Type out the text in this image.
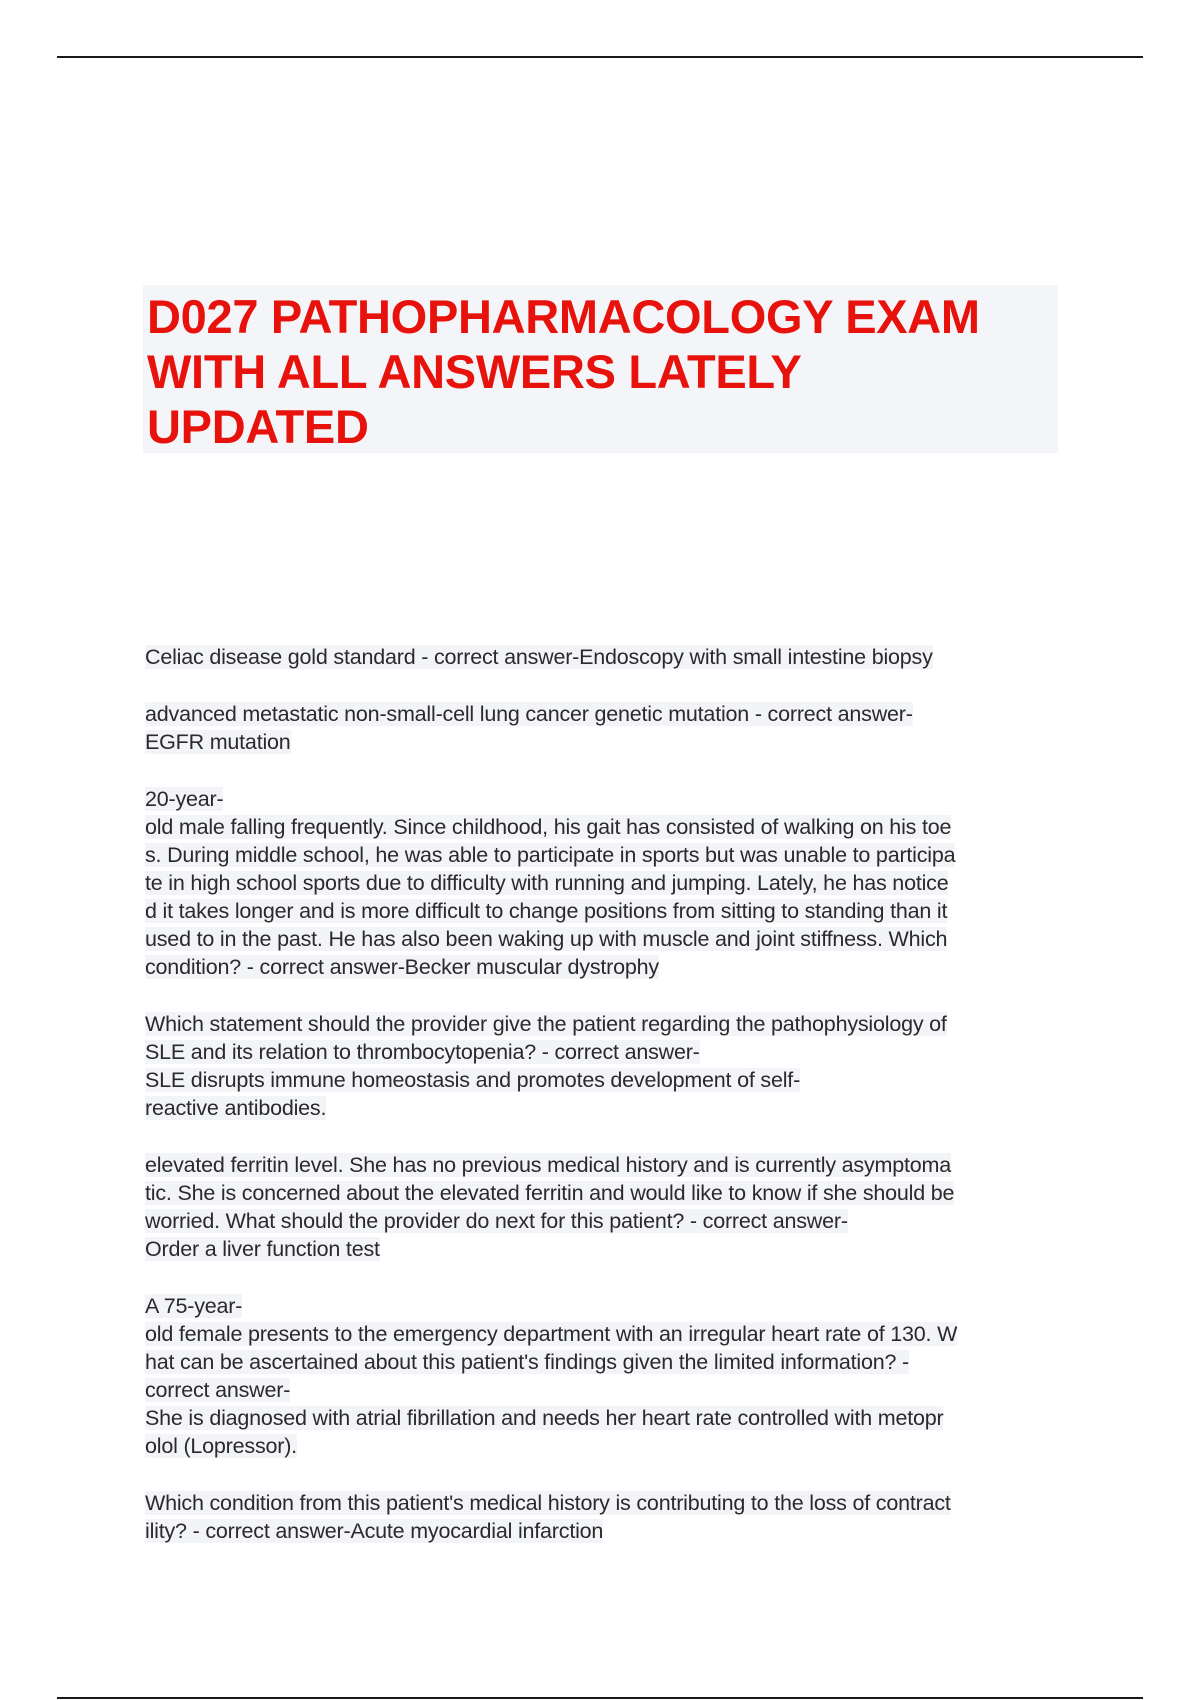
D027 PATHOPHARMACOLOGY EXAM
WITH ALL ANSWERS LATELY
UPDATED
Celiac disease gold standard - correct answer-Endoscopy with small intestine biopsy
advanced metastatic non-small-cell lung cancer genetic mutation - correct answer-
EGFR mutation
20-year-
old male falling frequently. Since childhood, his gait has consisted of walking on his toe
s. During middle school, he was able to participate in sports but was unable to participa
te in high school sports due to difficulty with running and jumping. Lately, he has notice
d it takes longer and is more difficult to change positions from sitting to standing than it
used to in the past. He has also been waking up with muscle and joint stiffness. Which
condition? - correct answer-Becker muscular dystrophy
Which statement should the provider give the patient regarding the pathophysiology of
SLE and its relation to thrombocytopenia? - correct answer-
SLE disrupts immune homeostasis and promotes development of self-
reactive antibodies.
elevated ferritin level. She has no previous medical history and is currently asymptoma
tic. She is concerned about the elevated ferritin and would like to know if she should be
worried. What should the provider do next for this patient? - correct answer-
Order a liver function test
A 75-year-
old female presents to the emergency department with an irregular heart rate of 130. W
hat can be ascertained about this patient's findings given the limited information? -
correct answer-
She is diagnosed with atrial fibrillation and needs her heart rate controlled with metopr
olol (Lopressor).
Which condition from this patient's medical history is contributing to the loss of contract
ility? - correct answer-Acute myocardial infarction
